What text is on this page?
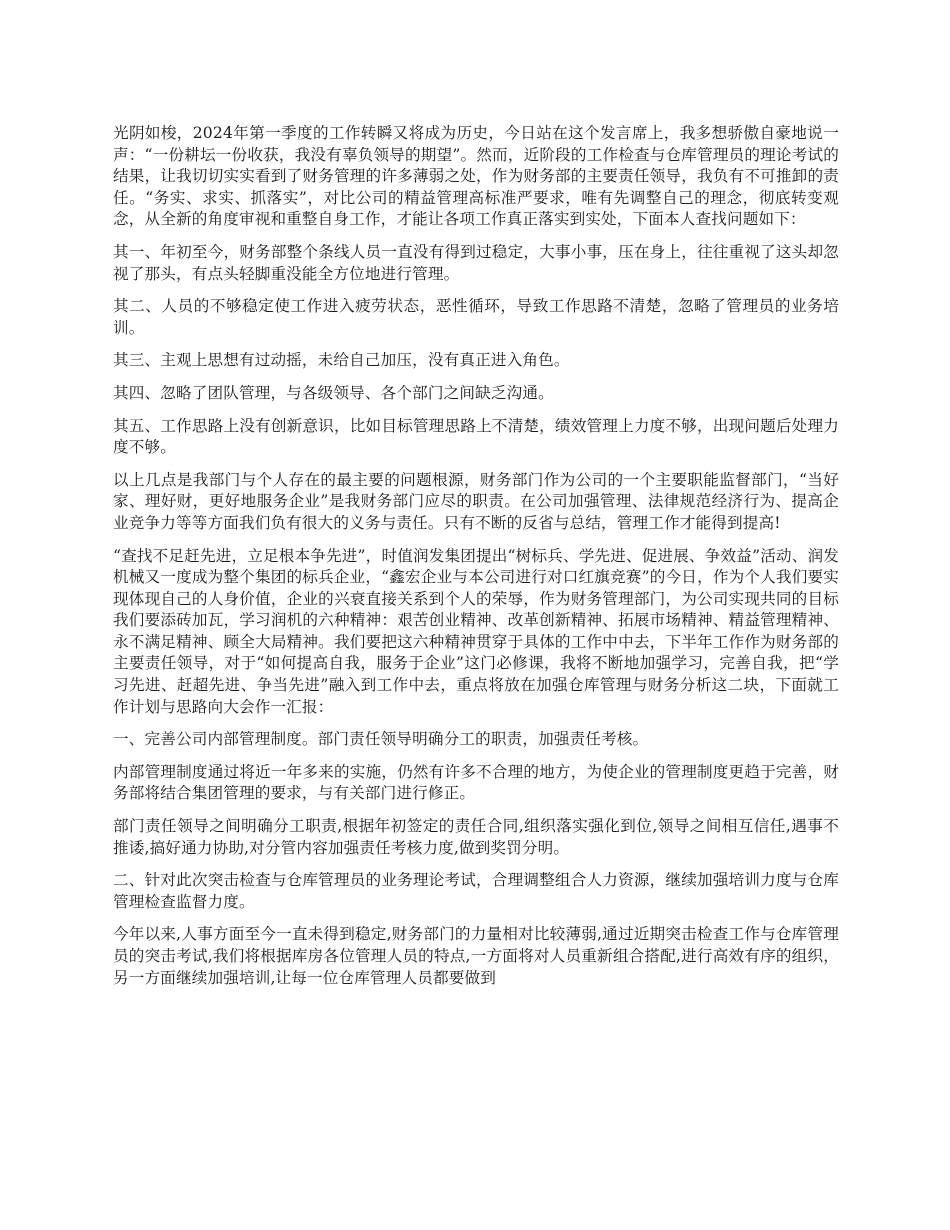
光阴如梭，2024年第一季度的工作转瞬又将成为历史，今日站在这个发言席上，我多想骄傲自豪地说一声：“一份耕坛一份收获，我没有辜负领导的期望”。然而，近阶段的工作检查与仓库管理员的理论考试的结果，让我切切实实看到了财务管理的许多薄弱之处，作为财务部的主要责任领导，我负有不可推卸的责任。“务实、求实、抓落实”，对比公司的精益管理高标准严要求，唯有先调整自己的理念，彻底转变观念，从全新的角度审视和重整自身工作，才能让各项工作真正落实到实处，下面本人查找问题如下：

其一、年初至今，财务部整个条线人员一直没有得到过稳定，大事小事，压在身上，往往重视了这头却忽视了那头，有点头轻脚重没能全方位地进行管理。

其二、人员的不够稳定使工作进入疲劳状态，恶性循环，导致工作思路不清楚，忽略了管理员的业务培训。

其三、主观上思想有过动摇，未给自己加压，没有真正进入角色。

其四、忽略了团队管理，与各级领导、各个部门之间缺乏沟通。

其五、工作思路上没有创新意识，比如目标管理思路上不清楚，绩效管理上力度不够，出现问题后处理力度不够。

以上几点是我部门与个人存在的最主要的问题根源，财务部门作为公司的一个主要职能监督部门，“当好家、理好财，更好地服务企业”是我财务部门应尽的职责。在公司加强管理、法律规范经济行为、提高企业竞争力等等方面我们负有很大的义务与责任。只有不断的反省与总结，管理工作才能得到提高!

“查找不足赶先进，立足根本争先进”，时值润发集团提出“树标兵、学先进、促进展、争效益”活动、润发机械又一度成为整个集团的标兵企业，“鑫宏企业与本公司进行对口红旗竞赛”的今日，作为个人我们要实现体现自己的人身价值，企业的兴衰直接关系到个人的荣辱，作为财务管理部门，为公司实现共同的目标我们要添砖加瓦，学习润机的六种精神：艰苦创业精神、改革创新精神、拓展市场精神、精益管理精神、永不满足精神、顾全大局精神。我们要把这六种精神贯穿于具体的工作中中去，下半年工作作为财务部的主要责任领导，对于“如何提高自我，服务于企业”这门必修课，我将不断地加强学习，完善自我，把“学习先进、赶超先进、争当先进”融入到工作中去，重点将放在加强仓库管理与财务分析这二块，下面就工作计划与思路向大会作一汇报：

一、完善公司内部管理制度。部门责任领导明确分工的职责，加强责任考核。

内部管理制度通过将近一年多来的实施，仍然有许多不合理的地方，为使企业的管理制度更趋于完善，财务部将结合集团管理的要求，与有关部门进行修正。

部门责任领导之间明确分工职责,根据年初签定的责任合同,组织落实强化到位,领导之间相互信任,遇事不推诿,搞好通力协助,对分管内容加强责任考核力度,做到奖罚分明。

二、针对此次突击检查与仓库管理员的业务理论考试，合理调整组合人力资源，继续加强培训力度与仓库管理检查监督力度。

今年以来,人事方面至今一直未得到稳定,财务部门的力量相对比较薄弱,通过近期突击检查工作与仓库管理员的突击考试,我们将根据库房各位管理人员的特点,一方面将对人员重新组合搭配,进行高效有序的组织，另一方面继续加强培训,让每一位仓库管理人员都要做到
